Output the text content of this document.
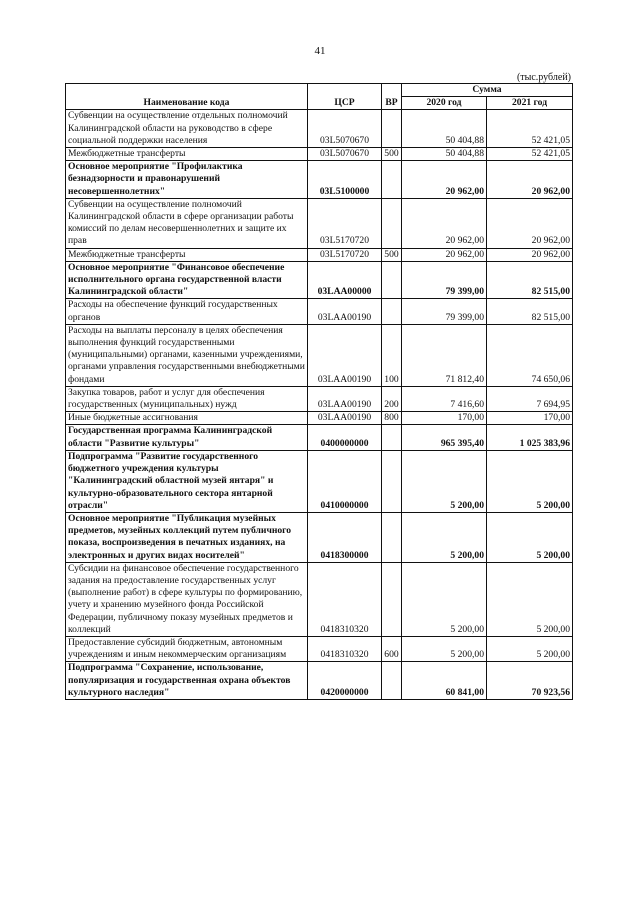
41
(тыс.рублей)
Наименование кода	ЦСР	ВР	Сумма	
			2020 год	2021 год
Субвенции на осуществление отдельных полномочий Калининградской области на руководство в сфере социальной поддержки населения	03L5070670		50 404,88	52 421,05
Межбюджетные трансферты	03L5070670	500	50 404,88	52 421,05
Основное мероприятие "Профилактика безнадзорности и правонарушений несовершеннолетних"	03L5100000		20 962,00	20 962,00
Субвенции на осуществление полномочий Калининградской области в сфере организации работы комиссий по делам несовершеннолетних и защите их прав	03L5170720		20 962,00	20 962,00
Межбюджетные трансферты	03L5170720	500	20 962,00	20 962,00
Основное мероприятие "Финансовое обеспечение исполнительного органа государственной власти Калининградской области"	03LAA00000		79 399,00	82 515,00
Расходы на обеспечение функций государственных органов	03LAA00190		79 399,00	82 515,00
Расходы на выплаты персоналу в целях обеспечения выполнения функций государственными (муниципальными) органами, казенными учреждениями, органами управления государственными внебюджетными фондами	03LAA00190	100	71 812,40	74 650,06
Закупка товаров, работ и услуг для обеспечения государственных (муниципальных) нужд	03LAA00190	200	7 416,60	7 694,95
Иные бюджетные ассигнования	03LAA00190	800	170,00	170,00
Государственная программа Калининградской области "Развитие культуры"	0400000000		965 395,40	1 025 383,96
Подпрограмма "Развитие государственного бюджетного учреждения культуры "Калининградский областной музей янтаря" и культурно-образовательного сектора янтарной отрасли"	0410000000		5 200,00	5 200,00
Основное мероприятие "Публикация музейных предметов, музейных коллекций путем публичного показа, воспроизведения в печатных изданиях, на электронных и других видах носителей"	0418300000		5 200,00	5 200,00
Субсидии на финансовое обеспечение государственного задания на предоставление государственных услуг (выполнение работ) в сфере культуры по формированию, учету и хранению музейного фонда Российской Федерации, публичному показу музейных предметов и коллекций	0418310320		5 200,00	5 200,00
Предоставление субсидий бюджетным, автономным учреждениям и иным некоммерческим организациям	0418310320	600	5 200,00	5 200,00
Подпрограмма "Сохранение, использование, популяризация и государственная охрана объектов культурного наследия"	0420000000		60 841,00	70 923,56
